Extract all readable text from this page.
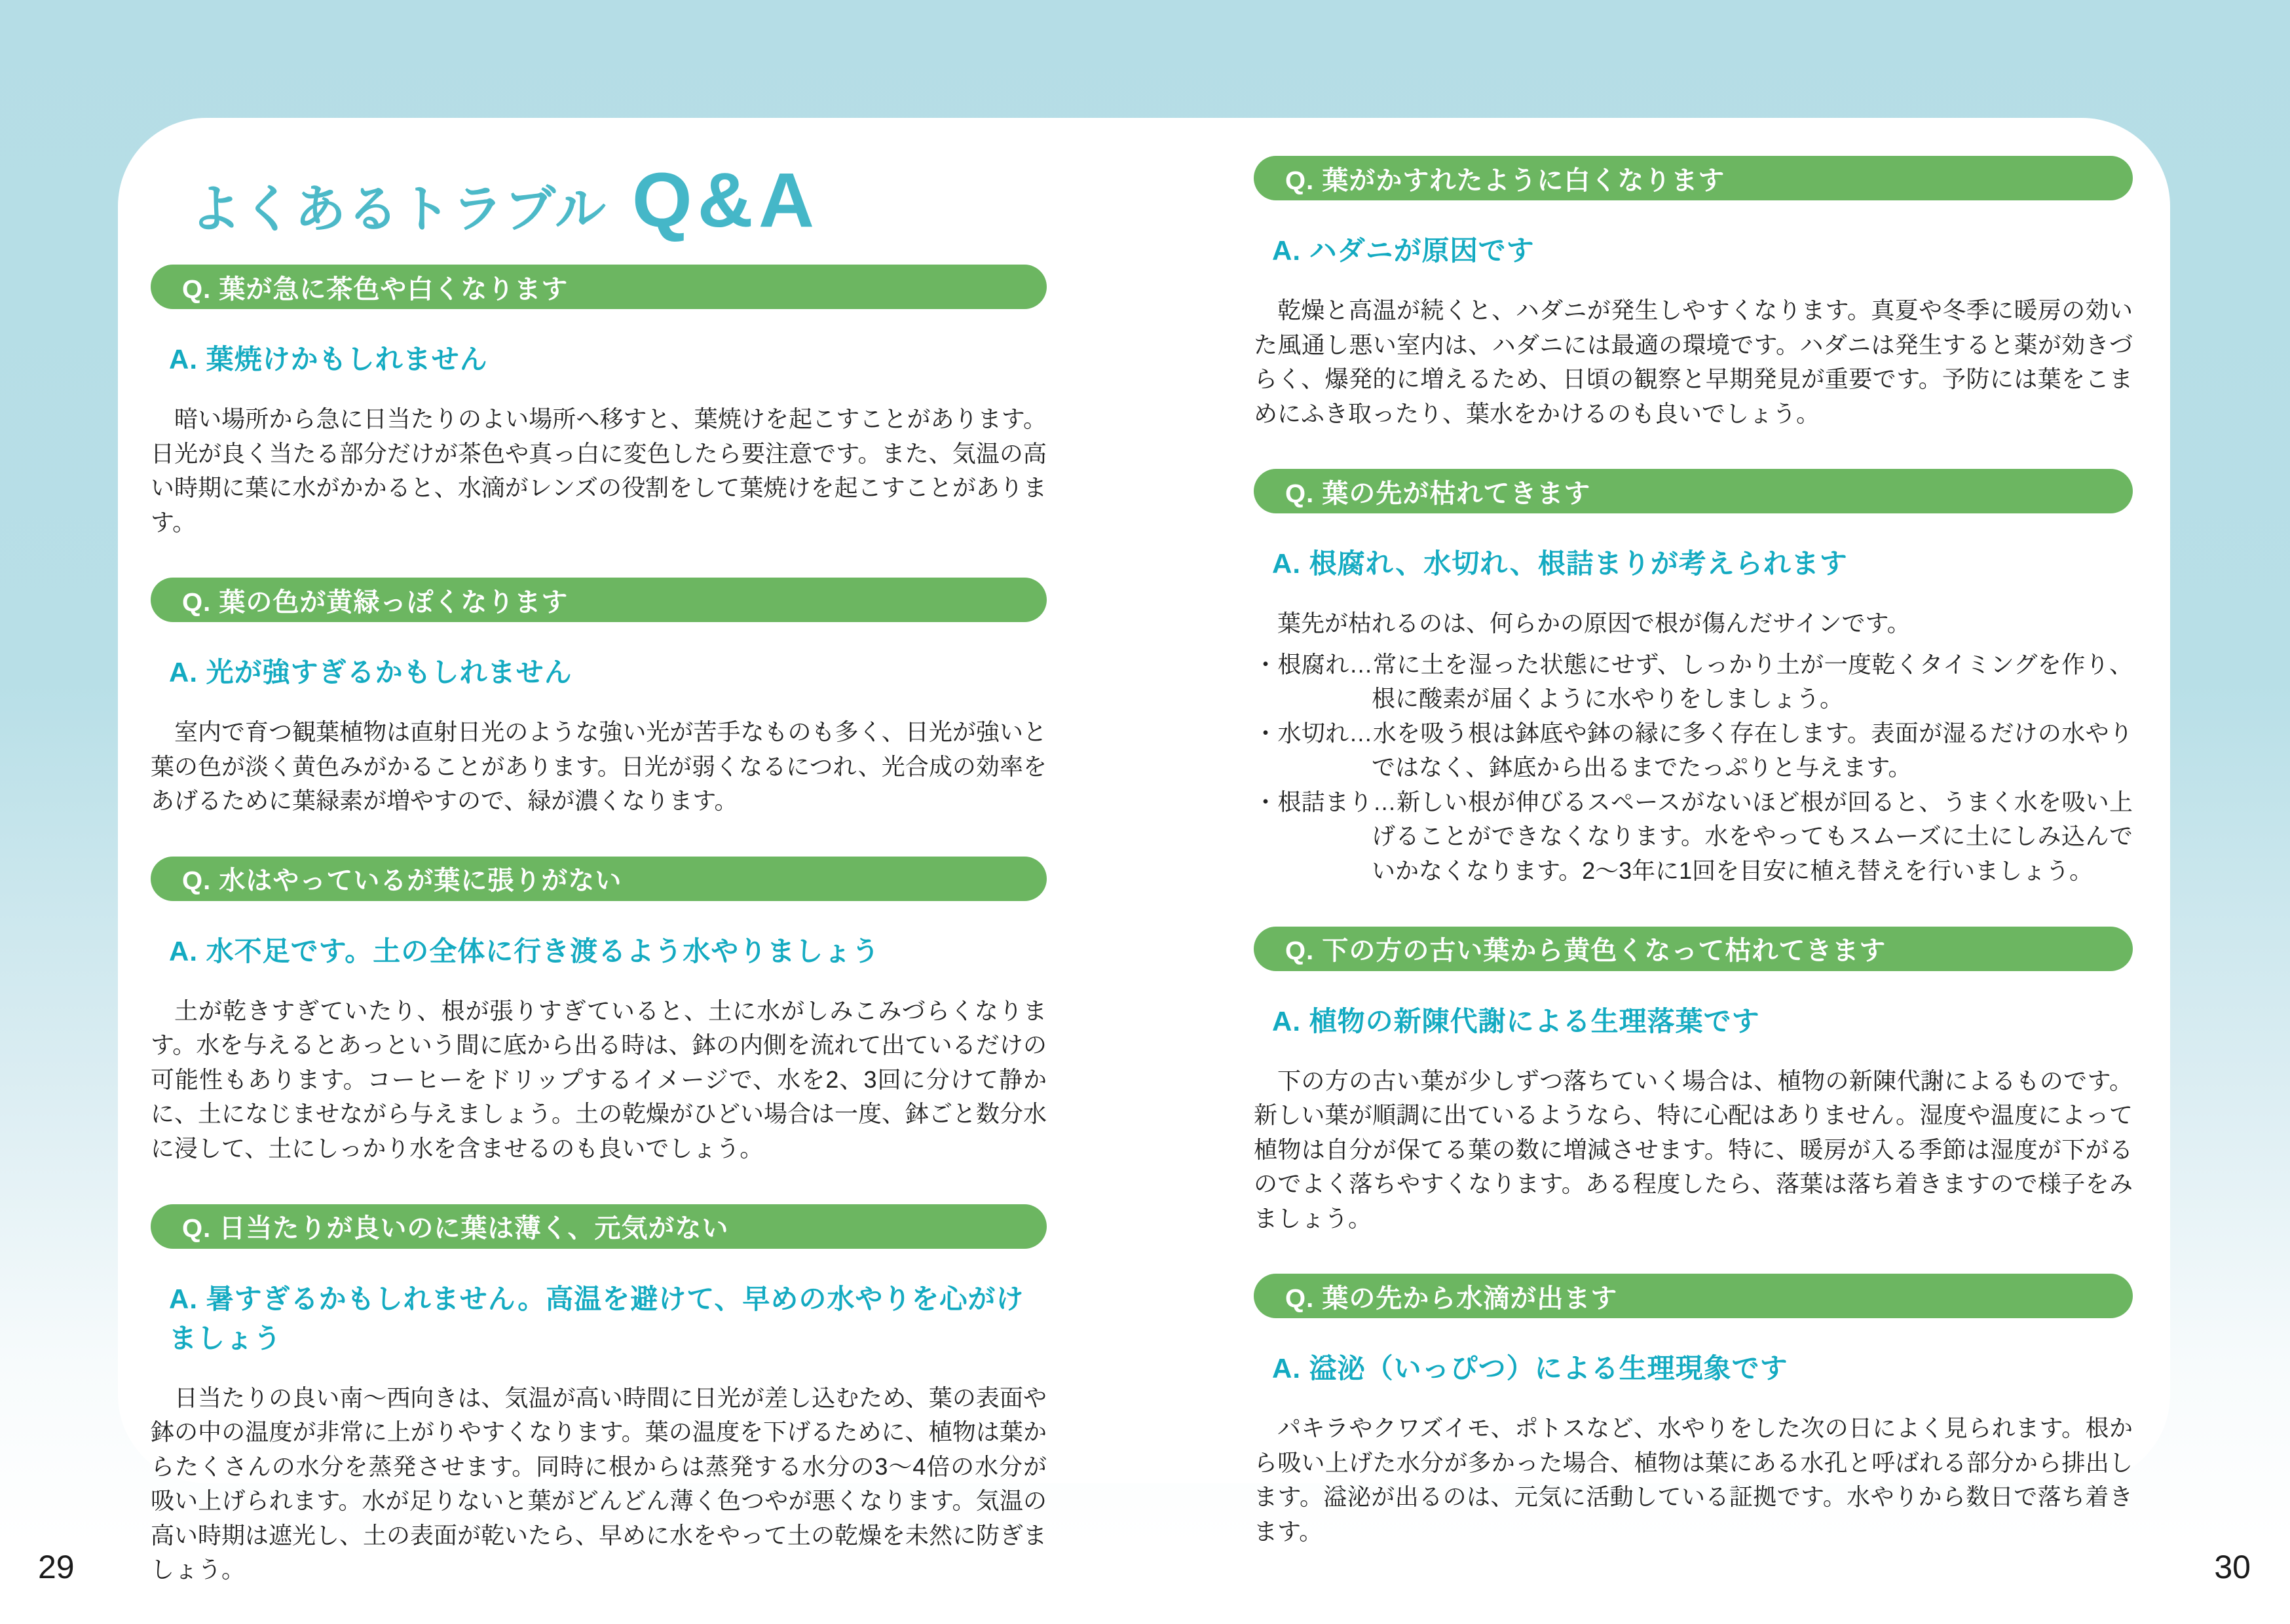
よくあるトラブル Q&A
Q. 葉が急に茶色や白くなります
A. 葉焼けかもしれません

暗い場所から急に日当たりのよい場所へ移すと、葉焼けを起こすことがあります。日光が良く当たる部分だけが茶色や真っ白に変色したら要注意です。また、気温の高い時期に葉に水がかかると、水滴がレンズの役割をして葉焼けを起こすことがあります。

Q. 葉の色が黄緑っぽくなります
A. 光が強すぎるかもしれません

室内で育つ観葉植物は直射日光のような強い光が苦手なものも多く、日光が強いと葉の色が淡く黄色みがかることがあります。日光が弱くなるにつれ、光合成の効率をあげるために葉緑素が増やすので、緑が濃くなります。

Q. 水はやっているが葉に張りがない
A. 水不足です。土の全体に行き渡るよう水やりましょう

土が乾きすぎていたり、根が張りすぎていると、土に水がしみこみづらくなります。水を与えるとあっという間に底から出る時は、鉢の内側を流れて出ているだけの可能性もあります。コーヒーをドリップするイメージで、水を2、3回に分けて静かに、土になじませながら与えましょう。土の乾燥がひどい場合は一度、鉢ごと数分水に浸して、土にしっかり水を含ませるのも良いでしょう。

Q. 日当たりが良いのに葉は薄く、元気がない
A. 暑すぎるかもしれません。高温を避けて、早めの水やりを心がけましょう

日当たりの良い南～西向きは、気温が高い時間に日光が差し込むため、葉の表面や鉢の中の温度が非常に上がりやすくなります。葉の温度を下げるために、植物は葉からたくさんの水分を蒸発させます。同時に根からは蒸発する水分の3～4倍の水分が吸い上げられます。水が足りないと葉がどんどん薄く色つやが悪くなります。気温の高い時期は遮光し、土の表面が乾いたら、早めに水をやって土の乾燥を未然に防ぎましょう。

Q. 葉がかすれたように白くなります
A. ハダニが原因です

乾燥と高温が続くと、ハダニが発生しやすくなります。真夏や冬季に暖房の効いた風通し悪い室内は、ハダニには最適の環境です。ハダニは発生すると薬が効きづらく、爆発的に増えるため、日頃の観察と早期発見が重要です。予防には葉をこまめにふき取ったり、葉水をかけるのも良いでしょう。

Q. 葉の先が枯れてきます
A. 根腐れ、水切れ、根詰まりが考えられます

葉先が枯れるのは、何らかの原因で根が傷んだサインです。

・根腐れ…常に土を湿った状態にせず、しっかり土が一度乾くタイミングを作り、根に酸素が届くように水やりをしましょう。

・水切れ…水を吸う根は鉢底や鉢の縁に多く存在します。表面が湿るだけの水やりではなく、鉢底から出るまでたっぷりと与えます。

・根詰まり…新しい根が伸びるスペースがないほど根が回ると、うまく水を吸い上げることができなくなります。水をやってもスムーズに土にしみ込んでいかなくなります。2～3年に1回を目安に植え替えを行いましょう。

Q. 下の方の古い葉から黄色くなって枯れてきます
A. 植物の新陳代謝による生理落葉です

下の方の古い葉が少しずつ落ちていく場合は、植物の新陳代謝によるものです。新しい葉が順調に出ているようなら、特に心配はありません。湿度や温度によって植物は自分が保てる葉の数に増減させます。特に、暖房が入る季節は湿度が下がるのでよく落ちやすくなります。ある程度したら、落葉は落ち着きますので様子をみましょう。

Q. 葉の先から水滴が出ます
A. 溢泌（いっぴつ）による生理現象です

パキラやクワズイモ、ポトスなど、水やりをした次の日によく見られます。根から吸い上げた水分が多かった場合、植物は葉にある水孔と呼ばれる部分から排出します。溢泌が出るのは、元気に活動している証拠です。水やりから数日で落ち着きます。

29	30
